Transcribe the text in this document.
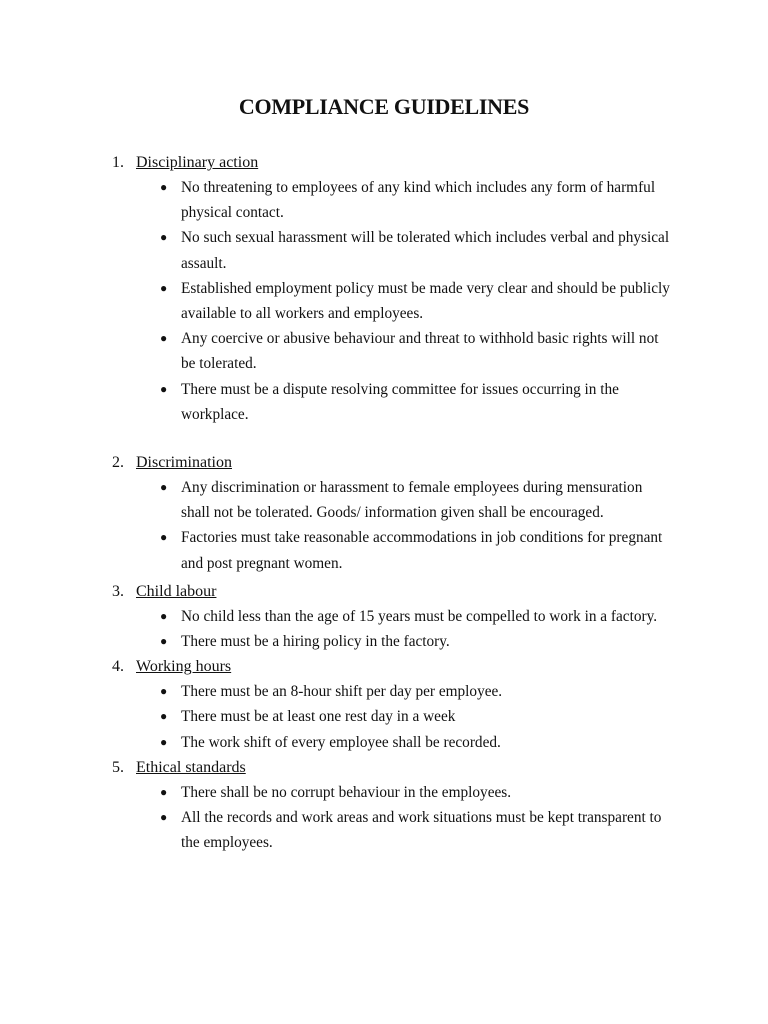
COMPLIANCE GUIDELINES
1. Disciplinary action
● No threatening to employees of any kind which includes any form of harmful physical contact.
● No such sexual harassment will be tolerated which includes verbal and physical assault.
● Established employment policy must be made very clear and should be publicly available to all workers and employees.
● Any coercive or abusive behaviour and threat to withhold basic rights will not be tolerated.
● There must be a dispute resolving committee for issues occurring in the workplace.
2. Discrimination
● Any discrimination or harassment to female employees during mensuration shall not be tolerated. Goods/ information given shall be encouraged.
● Factories must take reasonable accommodations in job conditions for pregnant and post pregnant women.
3. Child labour
● No child less than the age of 15 years must be compelled to work in a factory.
● There must be a hiring policy in the factory.
4. Working hours
● There must be an 8-hour shift per day per employee.
● There must be at least one rest day in a week
● The work shift of every employee shall be recorded.
5. Ethical standards
● There shall be no corrupt behaviour in the employees.
● All the records and work areas and work situations must be kept transparent to the employees.
